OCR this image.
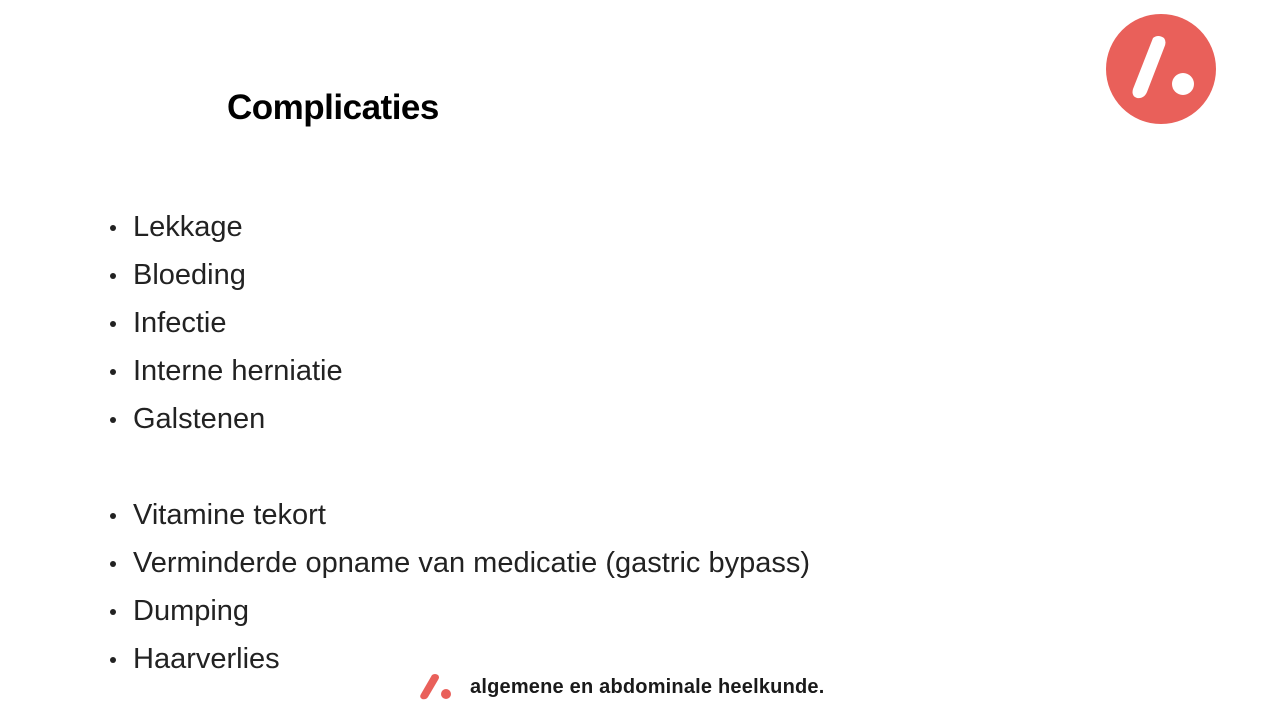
Complicaties
Lekkage
Bloeding
Infectie
Interne herniatie
Galstenen
Vitamine tekort
Verminderde opname van medicatie (gastric bypass)
Dumping
Haarverlies
algemene en abdominale heelkunde.
